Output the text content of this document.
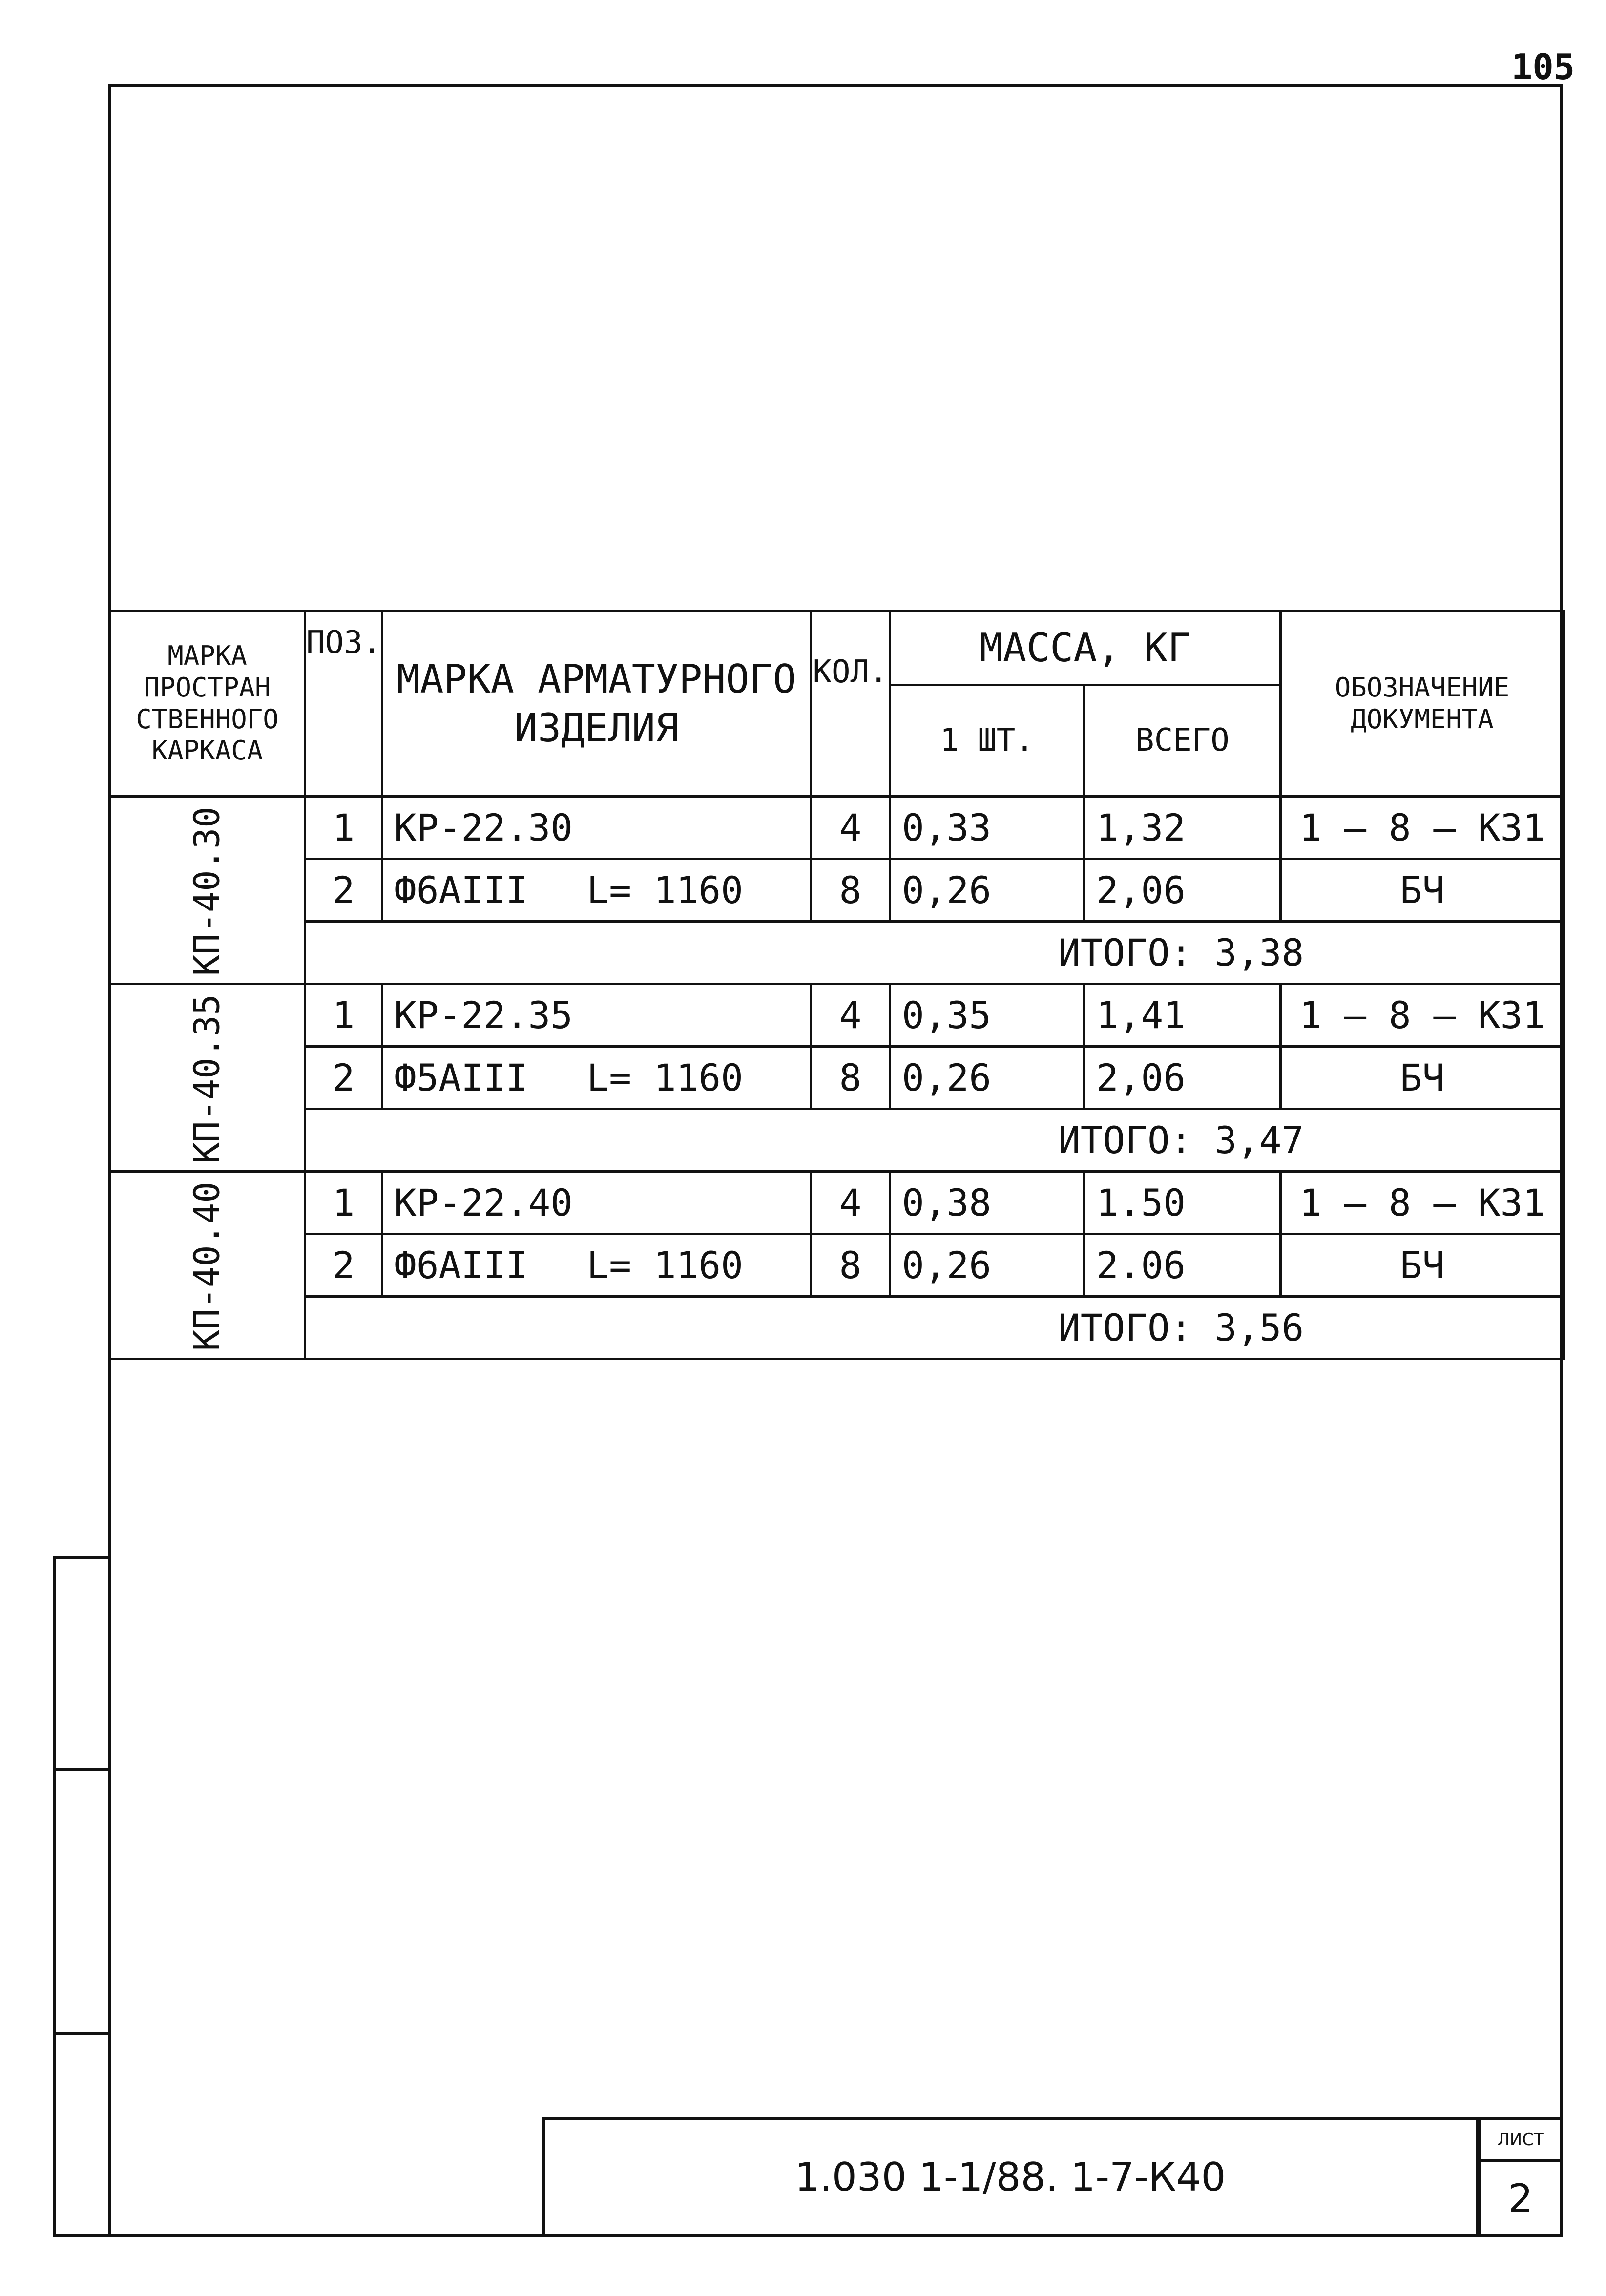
105
МАРКА ПРОСТРАН СТВЕННОГО КАРКАСА	ПОЗ.	МАРКА АРМАТУРНОГО ИЗДЕЛИЯ	КОЛ.	МАССА, КГ		ОБОЗНАЧЕНИЕ ДОКУМЕНТА
				1 ШТ.	ВСЕГО	
КП-40.30	1	КР-22.30	4	0,33	1,32	1 – 8 — К31
	2	Ф6АIII L= 1160	8	0,26	2,06	БЧ
	ИТОГО: 3,38					
КП-40.35	1	КР-22.35	4	0,35	1,41	1 – 8 — К31
	2	Ф5АIII L= 1160	8	0,26	2,06	БЧ
	ИТОГО: 3,47					
КП-40.40	1	КР-22.40	4	0,38	1.50	1 – 8 — К31
	2	Ф6АIII L= 1160	8	0,26	2.06	БЧ
	ИТОГО: 3,56					
1.030 1-1/88. 1-7-К40
ЛИСТ
2
